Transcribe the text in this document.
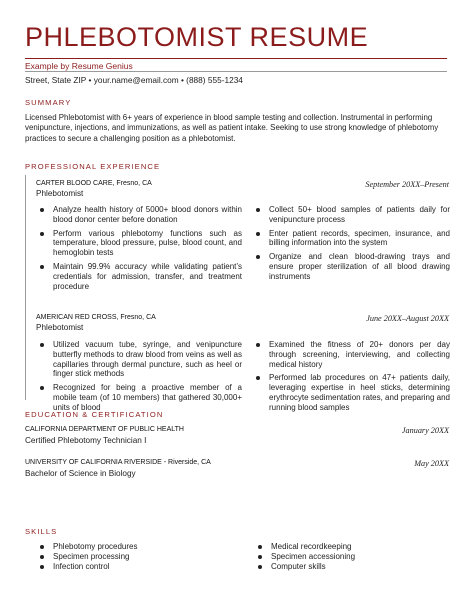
PHLEBOTOMIST RESUME
Example by Resume Genius
Street, State ZIP • your.name@email.com • (888) 555-1234
SUMMARY
Licensed Phlebotomist with 6+ years of experience in blood sample testing and collection. Instrumental in performing venipuncture, injections, and immunizations, as well as patient intake. Seeking to use strong knowledge of phlebotomy practices to secure a challenging position as a phlebotomist.
PROFESSIONAL EXPERIENCE
CARTER BLOOD CARE, Fresno, CA	September 20XX–Present
Phlebotomist
Analyze health history of 5000+ blood donors within blood donor center before donation
Perform various phlebotomy functions such as temperature, blood pressure, pulse, blood count, and hemoglobin tests
Maintain 99.9% accuracy while validating patient’s credentials for admission, transfer, and treatment procedure
Collect 50+ blood samples of patients daily for venipuncture process
Enter patient records, specimen, insurance, and billing information into the system
Organize and clean blood-drawing trays and ensure proper sterilization of all blood drawing instruments
AMERICAN RED CROSS, Fresno, CA	June 20XX–August 20XX
Phlebotomist
Utilized vacuum tube, syringe, and venipuncture butterfly methods to draw blood from veins as well as capillaries through dermal puncture, such as heel or finger stick methods
Recognized for being a proactive member of a mobile team (of 10 members) that gathered 30,000+ units of blood
Examined the fitness of 20+ donors per day through screening, interviewing, and collecting medical history
Performed lab procedures on 47+ patients daily, leveraging expertise in heel sticks, determining erythrocyte sedimentation rates, and preparing and running blood samples
EDUCATION & CERTIFICATION
CALIFORNIA DEPARTMENT OF PUBLIC HEALTH	January 20XX
Certified Phlebotomy Technician I
UNIVERSITY OF CALIFORNIA RIVERSIDE - Riverside, CA	May 20XX
Bachelor of Science in Biology
SKILLS
Phlebotomy procedures
Specimen processing
Infection control
Medical recordkeeping
Specimen accessioning
Computer skills
